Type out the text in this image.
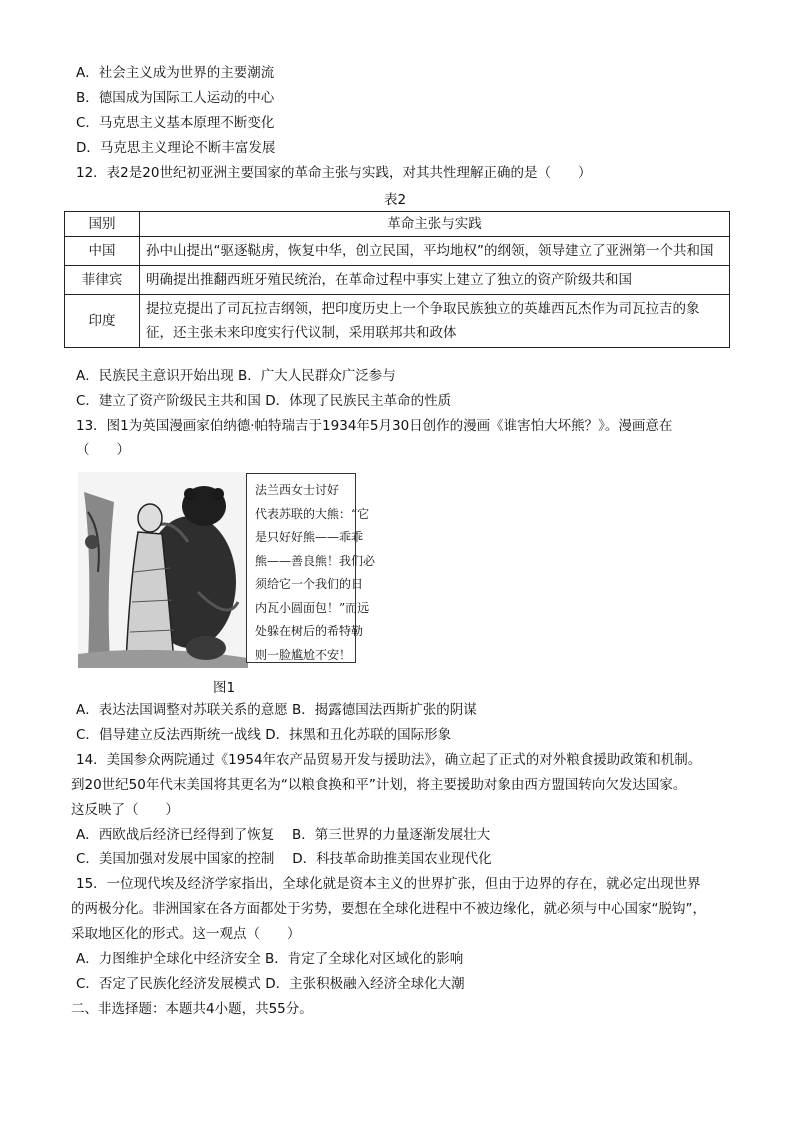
A．社会主义成为世界的主要潮流
B．德国成为国际工人运动的中心
C．马克思主义基本原理不断变化
D．马克思主义理论不断丰富发展
12．表2是20世纪初亚洲主要国家的革命主张与实践，对其共性理解正确的是（　　）
表2
国别	革命主张与实践
中国	孙中山提出“驱逐鞑虏，恢复中华，创立民国，平均地权”的纲领，领导建立了亚洲第一个共和国
菲律宾	明确提出推翻西班牙殖民统治，在革命过程中事实上建立了独立的资产阶级共和国
印度	提拉克提出了司瓦拉吉纲领，把印度历史上一个争取民族独立的英雄西瓦杰作为司瓦拉吉的象征，还主张未来印度实行代议制，采用联邦共和政体
A．民族民主意识开始出现 B．广大人民群众广泛参与
C．建立了资产阶级民主共和国 D．体现了民族民主革命的性质
13．图1为英国漫画家伯纳德·帕特瑞吉于1934年5月30日创作的漫画《谁害怕大坏熊？》。漫画意在
（　　）
法兰西女士讨好
代表苏联的大熊：“它
是只好好熊——乖乖
熊——善良熊！我们必
须给它一个我们的日
内瓦小圆面包！”而远
处躲在树后的希特勒
则一脸尴尬不安！
图1
A．表达法国调整对苏联关系的意愿 B．揭露德国法西斯扩张的阴谋
C．倡导建立反法西斯统一战线 D．抹黑和丑化苏联的国际形象
14．美国参众两院通过《1954年农产品贸易开发与援助法》，确立起了正式的对外粮食援助政策和机制。
到20世纪50年代末美国将其更名为“以粮食换和平”计划，将主要援助对象由西方盟国转向欠发达国家。
这反映了（　　）
A．西欧战后经济已经得到了恢复　 B．第三世界的力量逐渐发展壮大
C．美国加强对发展中国家的控制　 D．科技革命助推美国农业现代化
15．一位现代埃及经济学家指出，全球化就是资本主义的世界扩张，但由于边界的存在，就必定出现世界
的两极分化。非洲国家在各方面都处于劣势，要想在全球化进程中不被边缘化，就必须与中心国家“脱钩”，
采取地区化的形式。这一观点（　　）
A．力图维护全球化中经济安全 B．肯定了全球化对区域化的影响
C．否定了民族化经济发展模式 D．主张积极融入经济全球化大潮
二、非选择题：本题共4小题，共55分。
